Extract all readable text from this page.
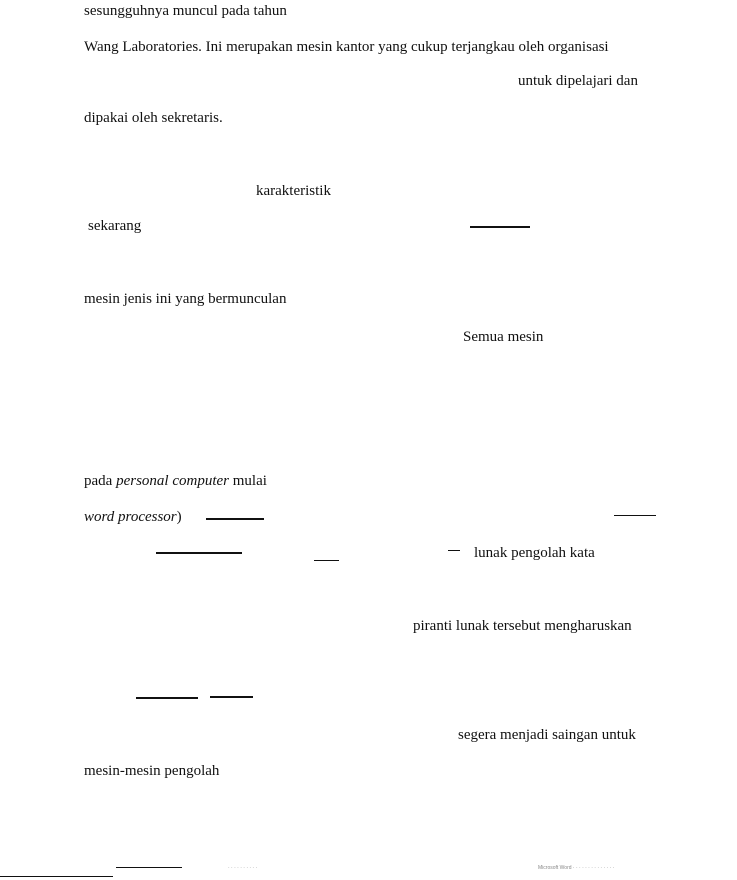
sesungguhnya muncul pada tahun
Wang Laboratories. Ini merupakan mesin kantor yang cukup terjangkau oleh organisasi
untuk dipelajari dan
dipakai oleh sekretaris.
karakteristik
sekarang
mesin jenis ini yang bermunculan
Semua mesin
pada personal computer mulai
word processor)
lunak pengolah kata
piranti lunak tersebut mengharuskan
segera menjadi saingan untuk
mesin-mesin pengolah
· · · · · · · · · ·	Microsoft Word · · · · · · · · · · · · · ·
